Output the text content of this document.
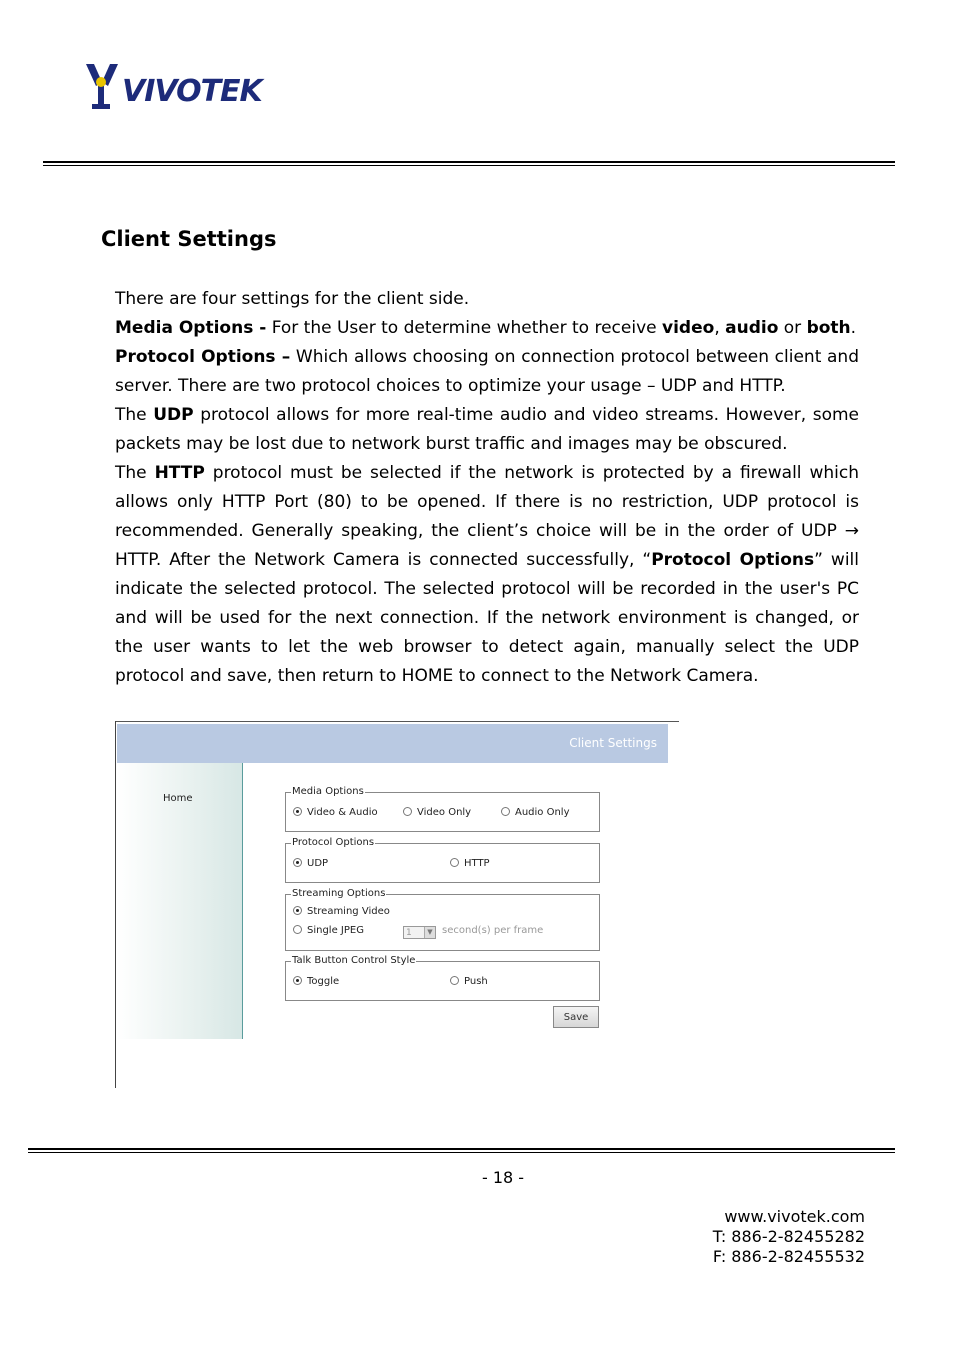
VIVOTEK
Client Settings

There are four settings for the client side.

Media Options - For the User to determine whether to receive video, audio or both.

Protocol Options – Which allows choosing on connection protocol between client and server. There are two protocol choices to optimize your usage – UDP and HTTP.

The UDP protocol allows for more real-time audio and video streams. However, some packets may be lost due to network burst traffic and images may be obscured.

The HTTP protocol must be selected if the network is protected by a firewall which allows only HTTP Port (80) to be opened. If there is no restriction, UDP protocol is recommended. Generally speaking, the client’s choice will be in the order of UDP → HTTP. After the Network Camera is connected successfully, “Protocol Options” will indicate the selected protocol. The selected protocol will be recorded in the user's PC and will be used for the next connection. If the network environment is changed, or the user wants to let the web browser to detect again, manually select the UDP protocol and save, then return to HOME to connect to the Network Camera.

Client Settings
Home
Media Options
Video & Audio	Video Only	Audio Only
Protocol Options
UDP	HTTP
Streaming Options
Streaming Video
Single JPEG	1	▼ second(s) per frame
Talk Button Control Style
Toggle	Push
Save
- 18 -
www.vivotek.com
T: 886-2-82455282
F: 886-2-82455532
